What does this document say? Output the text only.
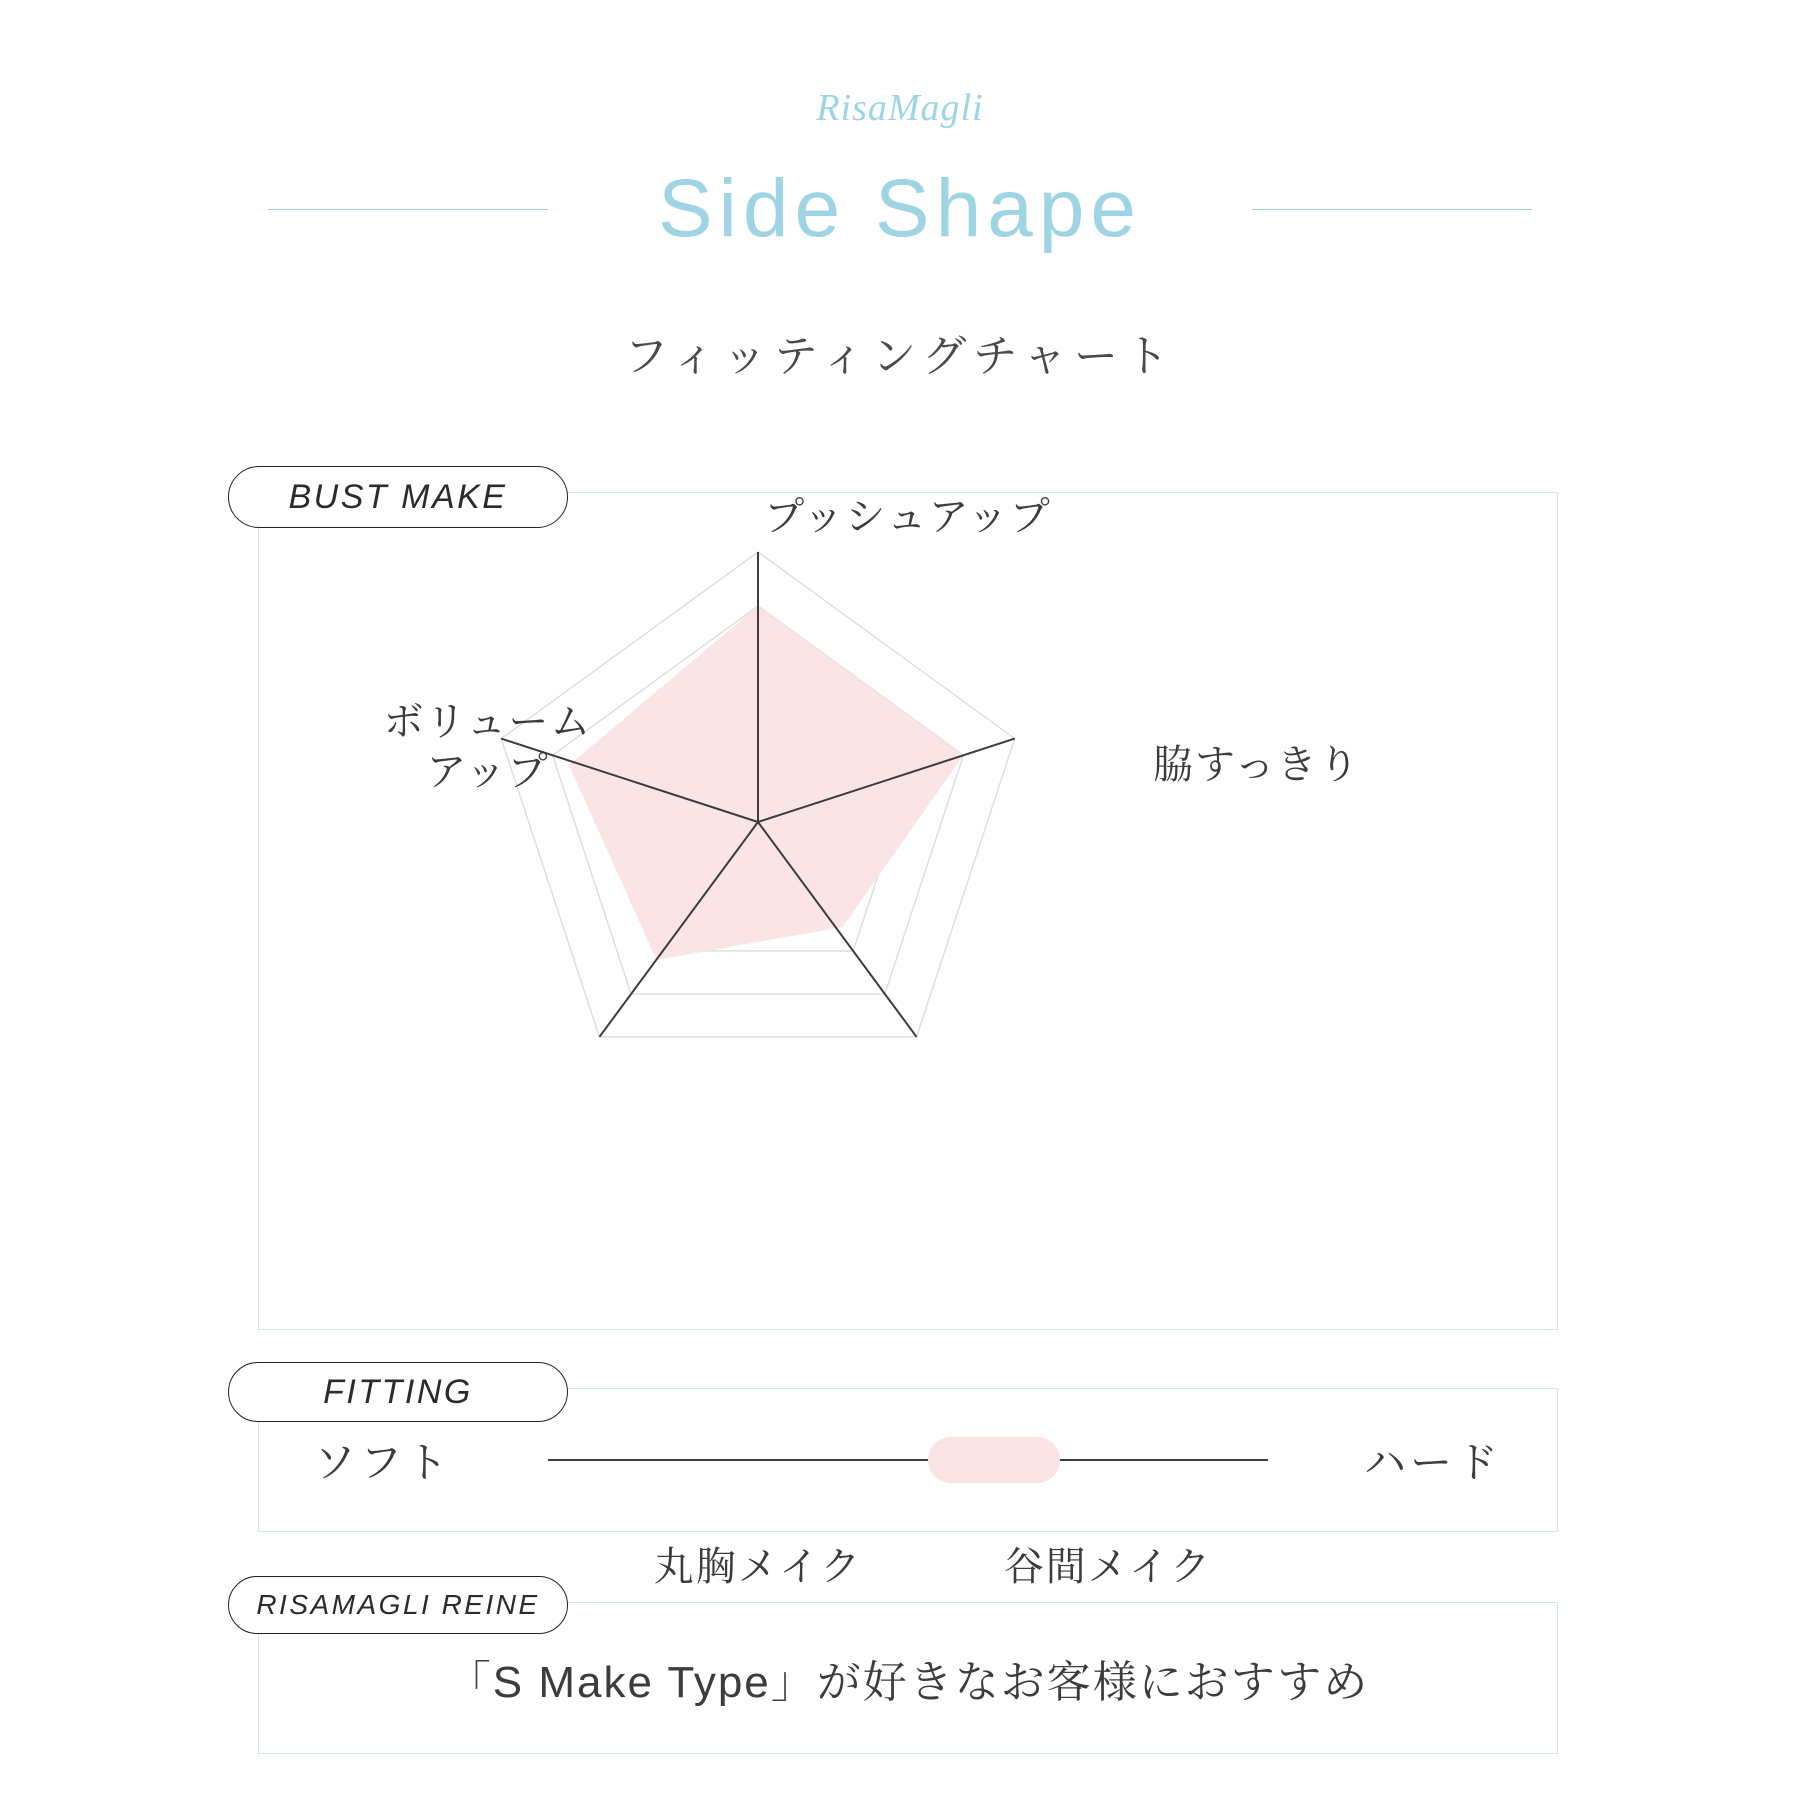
RisaMagli
Side Shape
フィッティングチャート
BUST MAKE	プッシュアップ
脇すっきり
谷間メイク
丸胸メイク
ボリューム
アップ
FITTING
ソフト	ハード
RISAMAGLI REINE
「S Make Type」が好きなお客様におすすめ
